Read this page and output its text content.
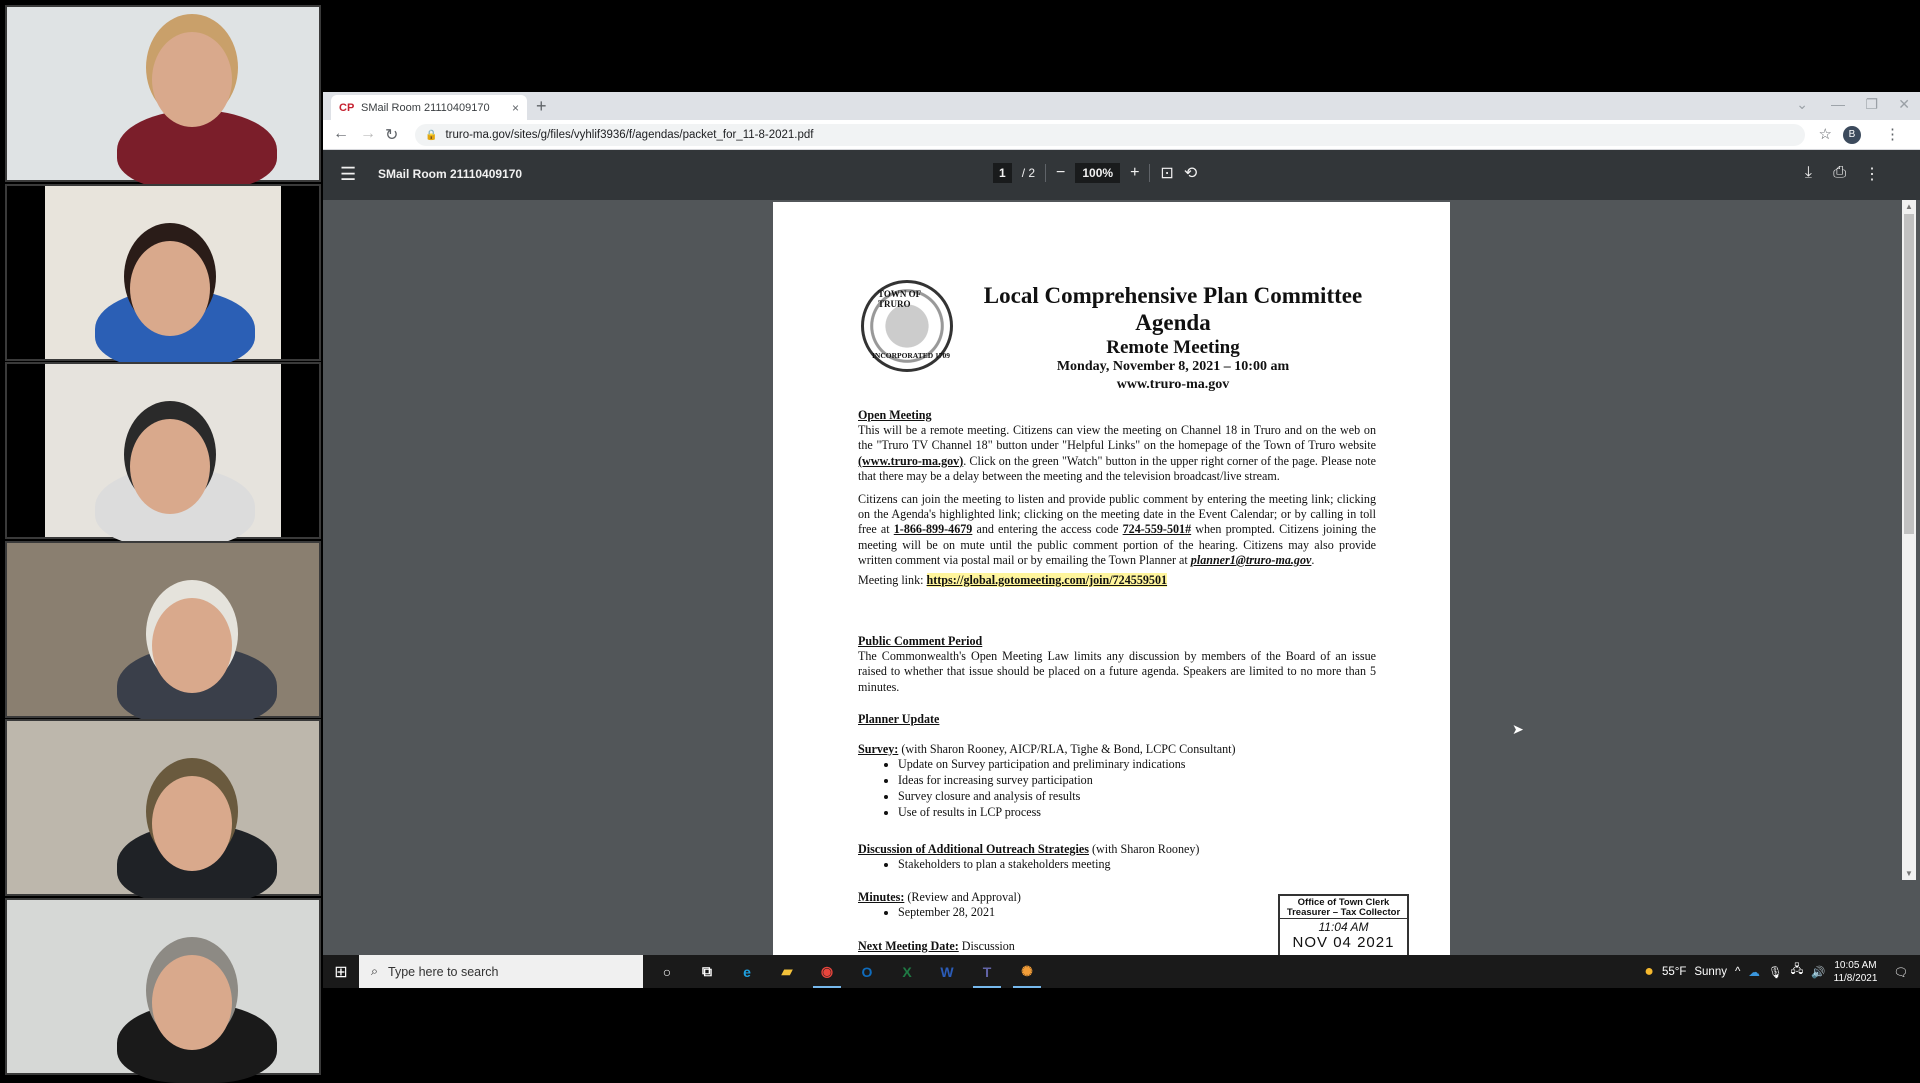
CP SMail Room 21110409170	× +	⌄ — ❐ ✕
← → ↻	🔒 truro-ma.gov/sites/g/files/vyhlif3936/f/agendas/packet_for_11-8-2021.pdf	☆	B	⋮
☰ SMail Room 21110409170	1	/ 2 −	100%	+ ⊡ ⟲	⤓ ⎙ ⋮
TOWN OF TRURO
INCORPORATED 1709
Local Comprehensive Plan Committee
Agenda
Remote Meeting
Monday, November 8, 2021 – 10:00 am
www.truro-ma.gov
Open Meeting
This will be a remote meeting. Citizens can view the meeting on Channel 18 in Truro and on the web on the "Truro TV Channel 18" button under "Helpful Links" on the homepage of the Town of Truro website (www.truro-ma.gov). Click on the green "Watch" button in the upper right corner of the page. Please note that there may be a delay between the meeting and the television broadcast/live stream.
Citizens can join the meeting to listen and provide public comment by entering the meeting link; clicking on the Agenda's highlighted link; clicking on the meeting date in the Event Calendar; or by calling in toll free at 1-866-899-4679 and entering the access code 724-559-501# when prompted. Citizens joining the meeting will be on mute until the public comment portion of the hearing. Citizens may also provide written comment via postal mail or by emailing the Town Planner at planner1@truro-ma.gov.
Meeting link: https://global.gotomeeting.com/join/724559501
Public Comment Period
The Commonwealth's Open Meeting Law limits any discussion by members of the Board of an issue raised to whether that issue should be placed on a future agenda. Speakers are limited to no more than 5 minutes.
Planner Update
Survey: (with Sharon Rooney, AICP/RLA, Tighe & Bond, LCPC Consultant)
• Update on Survey participation and preliminary indications
• Ideas for increasing survey participation
• Survey closure and analysis of results
• Use of results in LCP process
Discussion of Additional Outreach Strategies (with Sharon Rooney)
• Stakeholders to plan a stakeholders meeting
Minutes: (Review and Approval)
• September 28, 2021
Next Meeting Date: Discussion
Office of Town Clerk
Treasurer – Tax Collector
11:04 AM
NOV 04 2021
▲
▼
➤
⊞	⌕ Type here to search	○	⧉	e	▰	◉	O	X	W	T	✺	● 55°F Sunny ^ ☁ 🎙 🖧 🔊
10:05 AM
11/8/2021 🗨
